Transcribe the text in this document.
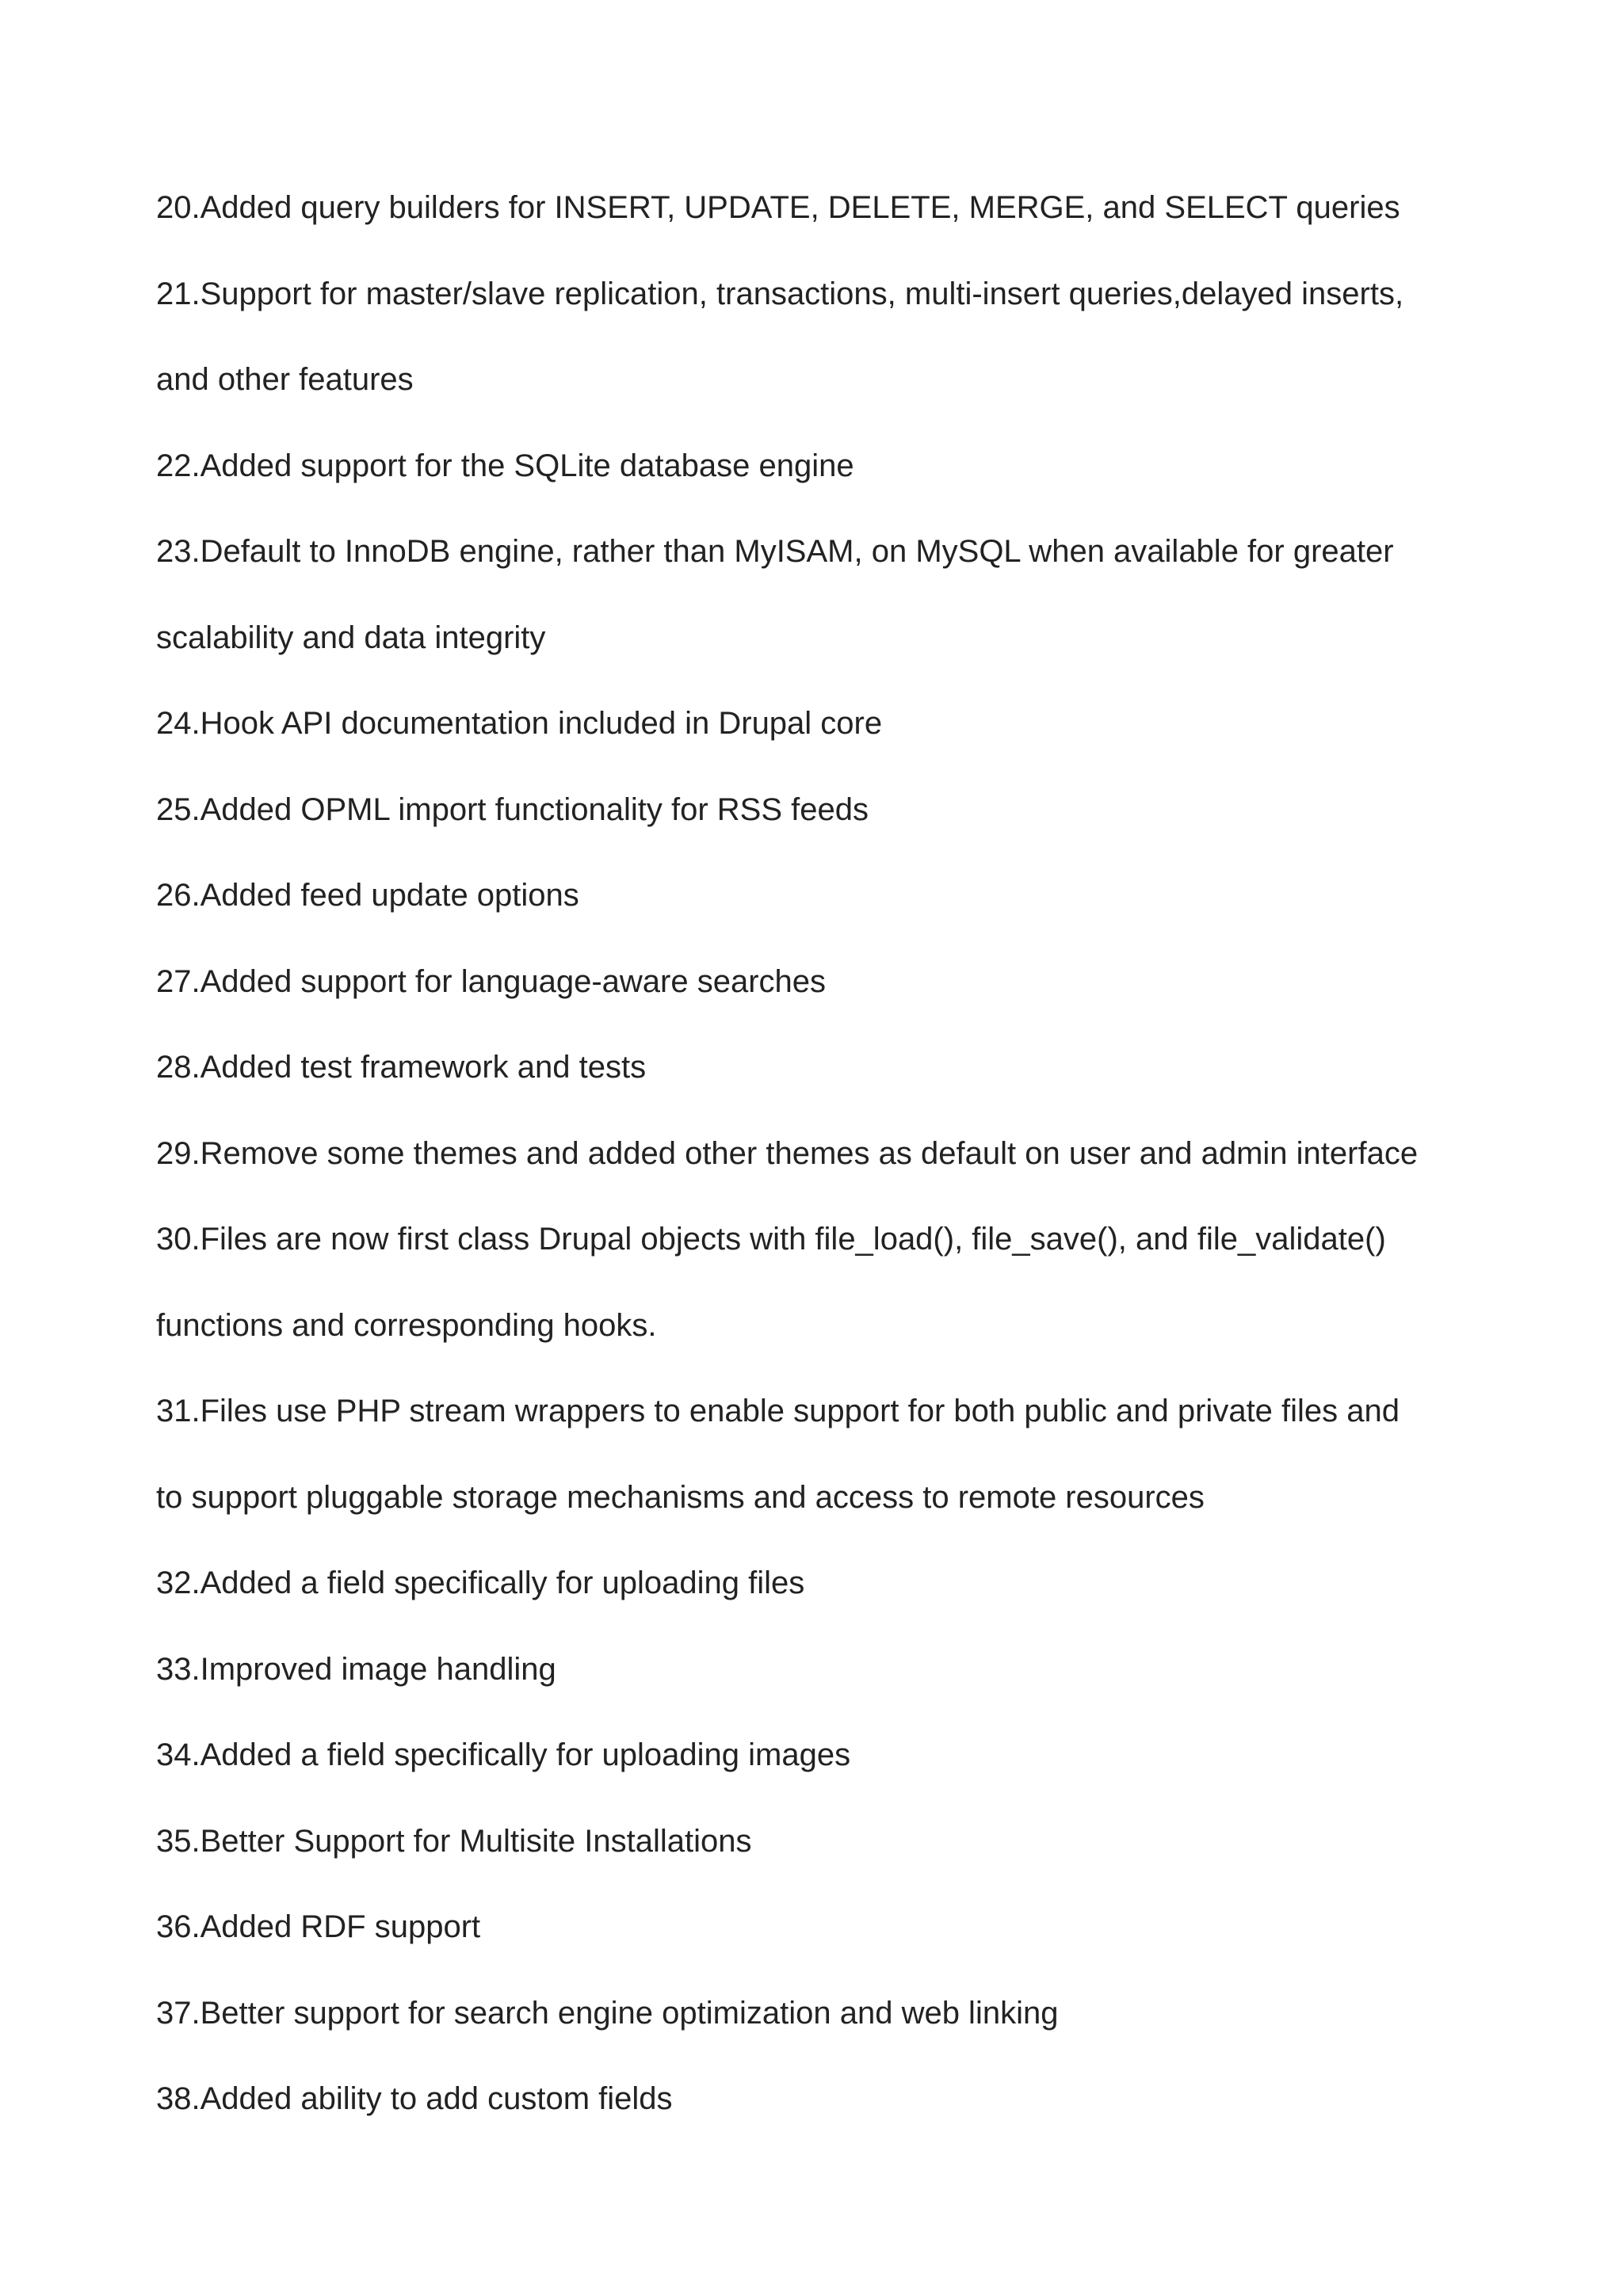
20.Added query builders for INSERT, UPDATE, DELETE, MERGE, and SELECT queries
21.Support for master/slave replication, transactions, multi-insert queries,delayed inserts,
and other features
22.Added support for the SQLite database engine
23.Default to InnoDB engine, rather than MyISAM, on MySQL when available for greater
scalability and data integrity
24.Hook API documentation included in Drupal core
25.Added OPML import functionality for RSS feeds
26.Added feed update options
27.Added support for language-aware searches
28.Added test framework and tests
29.Remove some themes and added other themes as default on user and admin interface
30.Files are now first class Drupal objects with file_load(), file_save(), and file_validate()
functions and corresponding hooks.
31.Files use PHP stream wrappers to enable support for both public and private files and
to support pluggable storage mechanisms and access to remote resources
32.Added a field specifically for uploading files
33.Improved image handling
34.Added a field specifically for uploading images
35.Better Support for Multisite Installations
36.Added RDF support
37.Better support for search engine optimization and web linking
38.Added ability to add custom fields
